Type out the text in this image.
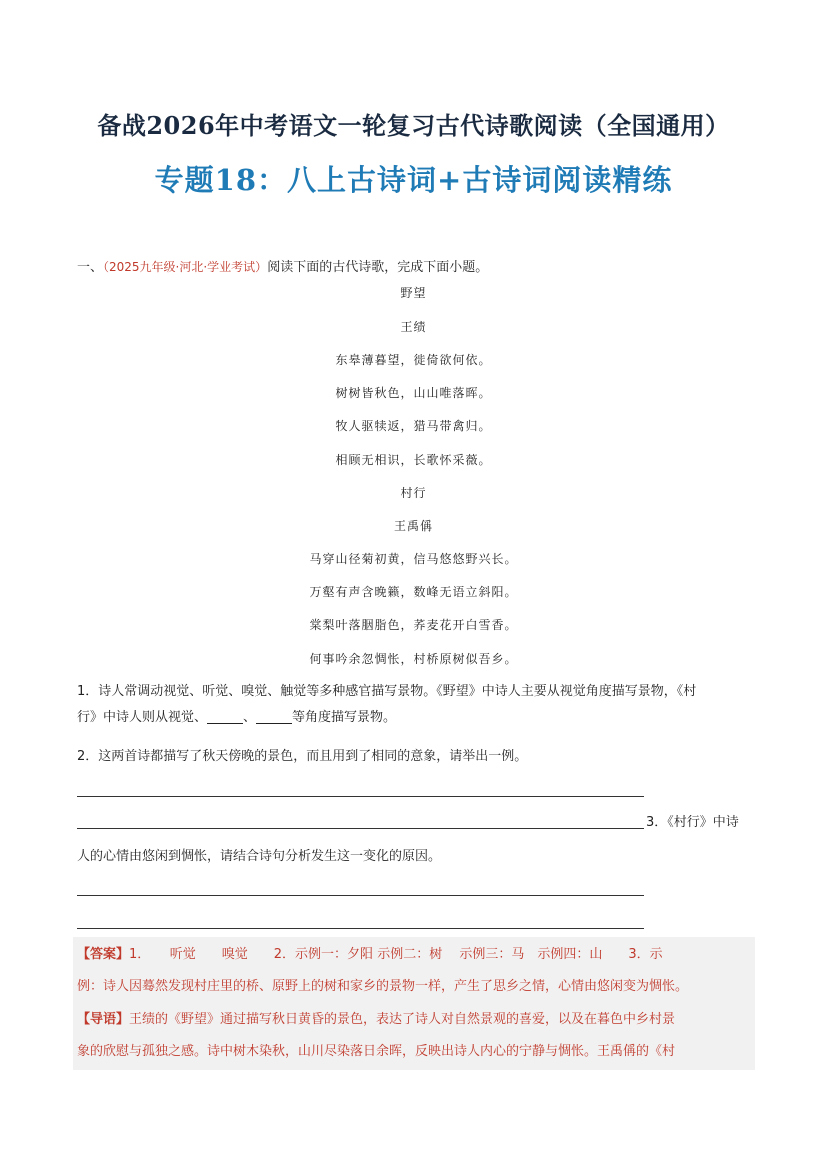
备战2026年中考语文一轮复习古代诗歌阅读（全国通用）
专题18：八上古诗词+古诗词阅读精练
一、（2025九年级·河北·学业考试）阅读下面的古代诗歌，完成下面小题。
野望
王绩
东皋薄暮望，徙倚欲何依。
树树皆秋色，山山唯落晖。
牧人驱犊返，猎马带禽归。
相顾无相识，长歌怀采薇。
村行
王禹偁
马穿山径菊初黄，信马悠悠野兴长。
万壑有声含晚籁，数峰无语立斜阳。
棠梨叶落胭脂色，荞麦花开白雪香。
何事吟余忽惆怅，村桥原树似吾乡。
1．诗人常调动视觉、听觉、嗅觉、触觉等多种感官描写景物。《野望》中诗人主要从视觉角度描写景物，《村
行》中诗人则从视觉、	、	等角度描写景物。
2．这两首诗都描写了秋天傍晚的景色，而且用到了相同的意象，请举出一例。
3．《村行》中诗
人的心情由悠闲到惆怅，请结合诗句分析发生这一变化的原因。
【答案】1．　　听觉　　嗅觉　　2．示例一：夕阳 示例二：树　 示例三：马　示例四：山　　3．示
例：诗人因蓦然发现村庄里的桥、原野上的树和家乡的景物一样，产生了思乡之情，心情由悠闲变为惆怅。
【导语】王绩的《野望》通过描写秋日黄昏的景色，表达了诗人对自然景观的喜爱，以及在暮色中乡村景
象的欣慰与孤独之感。诗中树木染秋，山川尽染落日余晖，反映出诗人内心的宁静与惆怅。王禹偁的《村
